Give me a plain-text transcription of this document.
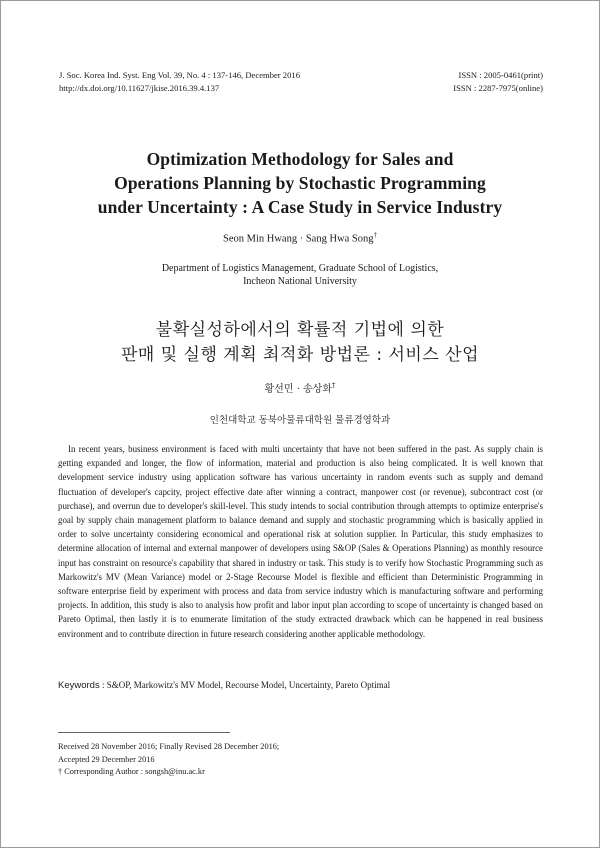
J. Soc. Korea Ind. Syst. Eng Vol. 39, No. 4 : 137-146, December 2016	ISSN : 2005-0461(print)
http://dx.doi.org/10.11627/jkise.2016.39.4.137	ISSN : 2287-7975(online)
Optimization Methodology for Sales and
Operations Planning by Stochastic Programming
under Uncertainty : A Case Study in Service Industry
Seon Min Hwang · Sang Hwa Song†
Department of Logistics Management, Graduate School of Logistics,
Incheon National University
불확실성하에서의 확률적 기법에 의한
판매 및 실행 계획 최적화 방법론 : 서비스 산업
황선민 · 송상화†
인천대학교 동북아물류대학원 물류경영학과

In recent years, business environment is faced with multi uncertainty that have not been suffered in the past. As supply chain is getting expanded and longer, the flow of information, material and production is also being complicated. It is well known that development service industry using application software has various uncertainty in random events such as supply and demand fluctuation of developer's capcity, project effective date after winning a contract, manpower cost (or revenue), subcontract cost (or purchase), and overrun due to developer's skill-level. This study intends to social contribution through attempts to optimize enterprise's goal by supply chain management platform to balance demand and supply and stochastic programming which is basically applied in order to solve uncertainty considering economical and operational risk at solution supplier. In Particular, this study emphasizes to determine allocation of internal and external manpower of developers using S&OP (Sales & Operations Planning) as monthly resource input has constraint on resource's capability that shared in industry or task. This study is to verify how Stochastic Programming such as Markowitz's MV (Mean Variance) model or 2-Stage Recourse Model is flexible and efficient than Deterministic Programming in software enterprise field by experiment with process and data from service industry which is manufacturing software and performing projects. In addition, this study is also to analysis how profit and labor input plan according to scope of uncertainty is changed based on Pareto Optimal, then lastly it is to enumerate limitation of the study extracted drawback which can be happened in real business environment and to contribute direction in future research considering another applicable methodology.

Keywords : S&OP, Markowitz's MV Model, Recourse Model, Uncertainty, Pareto Optimal
Received 28 November 2016; Finally Revised 28 December 2016;
Accepted 29 December 2016
† Corresponding Author : songsh@inu.ac.kr
